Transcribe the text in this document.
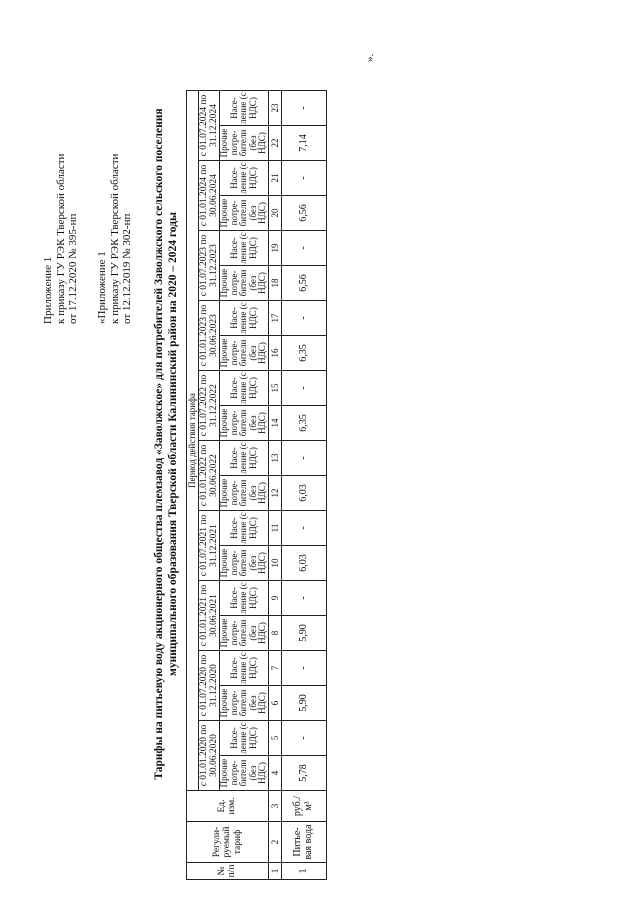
Приложение 1 к приказу ГУ РЭК Тверской области от 17.12.2020 № 395-нп «Приложение 1 к приказу ГУ РЭК Тверской области от 12.12.2019 № 302-нп Тарифы на питьевую воду акционерного общества племзавод «Заволжское» для потребителей Заволжского сельского поселения муниципального образования Тверской области Калининский район на 2020 – 2024 годы
№ п/п	Регули-руемый тариф	Ед. изм.	Период действия тарифа																			
			с 01.01.2020 по 30.06.2020		с 01.07.2020 по 31.12.2020		с 01.01.2021 по 30.06.2021		с 01.07.2021 по 31.12.2021		с 01.01.2022 по 30.06.2022		с 01.07.2022 по 31.12.2022		с 01.01.2023 по 30.06.2023		с 01.07.2023 по 31.12.2023		с 01.01.2024 по 30.06.2024		с 01.07.2024 по 31.12.2024	
			Прочие потре-бители (без НДС)	Насе-ление (с НДС)	Прочие потре-бители (без НДС)	Насе-ление (с НДС)	Прочие потре-бители (без НДС)	Насе-ление (с НДС)	Прочие потре-бители (без НДС)	Насе-ление (с НДС)	Прочие потре-бители (без НДС)	Насе-ление (с НДС)	Прочие потре-бители (без НДС)	Насе-ление (с НДС)	Прочие потре-бители (без НДС)	Насе-ление (с НДС)	Прочие потре-бители (без НДС)	Насе-ление (с НДС)	Прочие потре-бители (без НДС)	Насе-ление (с НДС)	Прочие потре-бители (без НДС)	Насе-ление (с НДС)
1	2	3	4	5	6	7	8	9	10	11	12	13	14	15	16	17	18	19	20	21	22	23
1	Питье-вая вода	руб./м³	5,78	-	5,90	-	5,90	-	6,03	-	6,03	-	6,35	-	6,35	-	6,56	-	6,56	-	7,14	-
».
